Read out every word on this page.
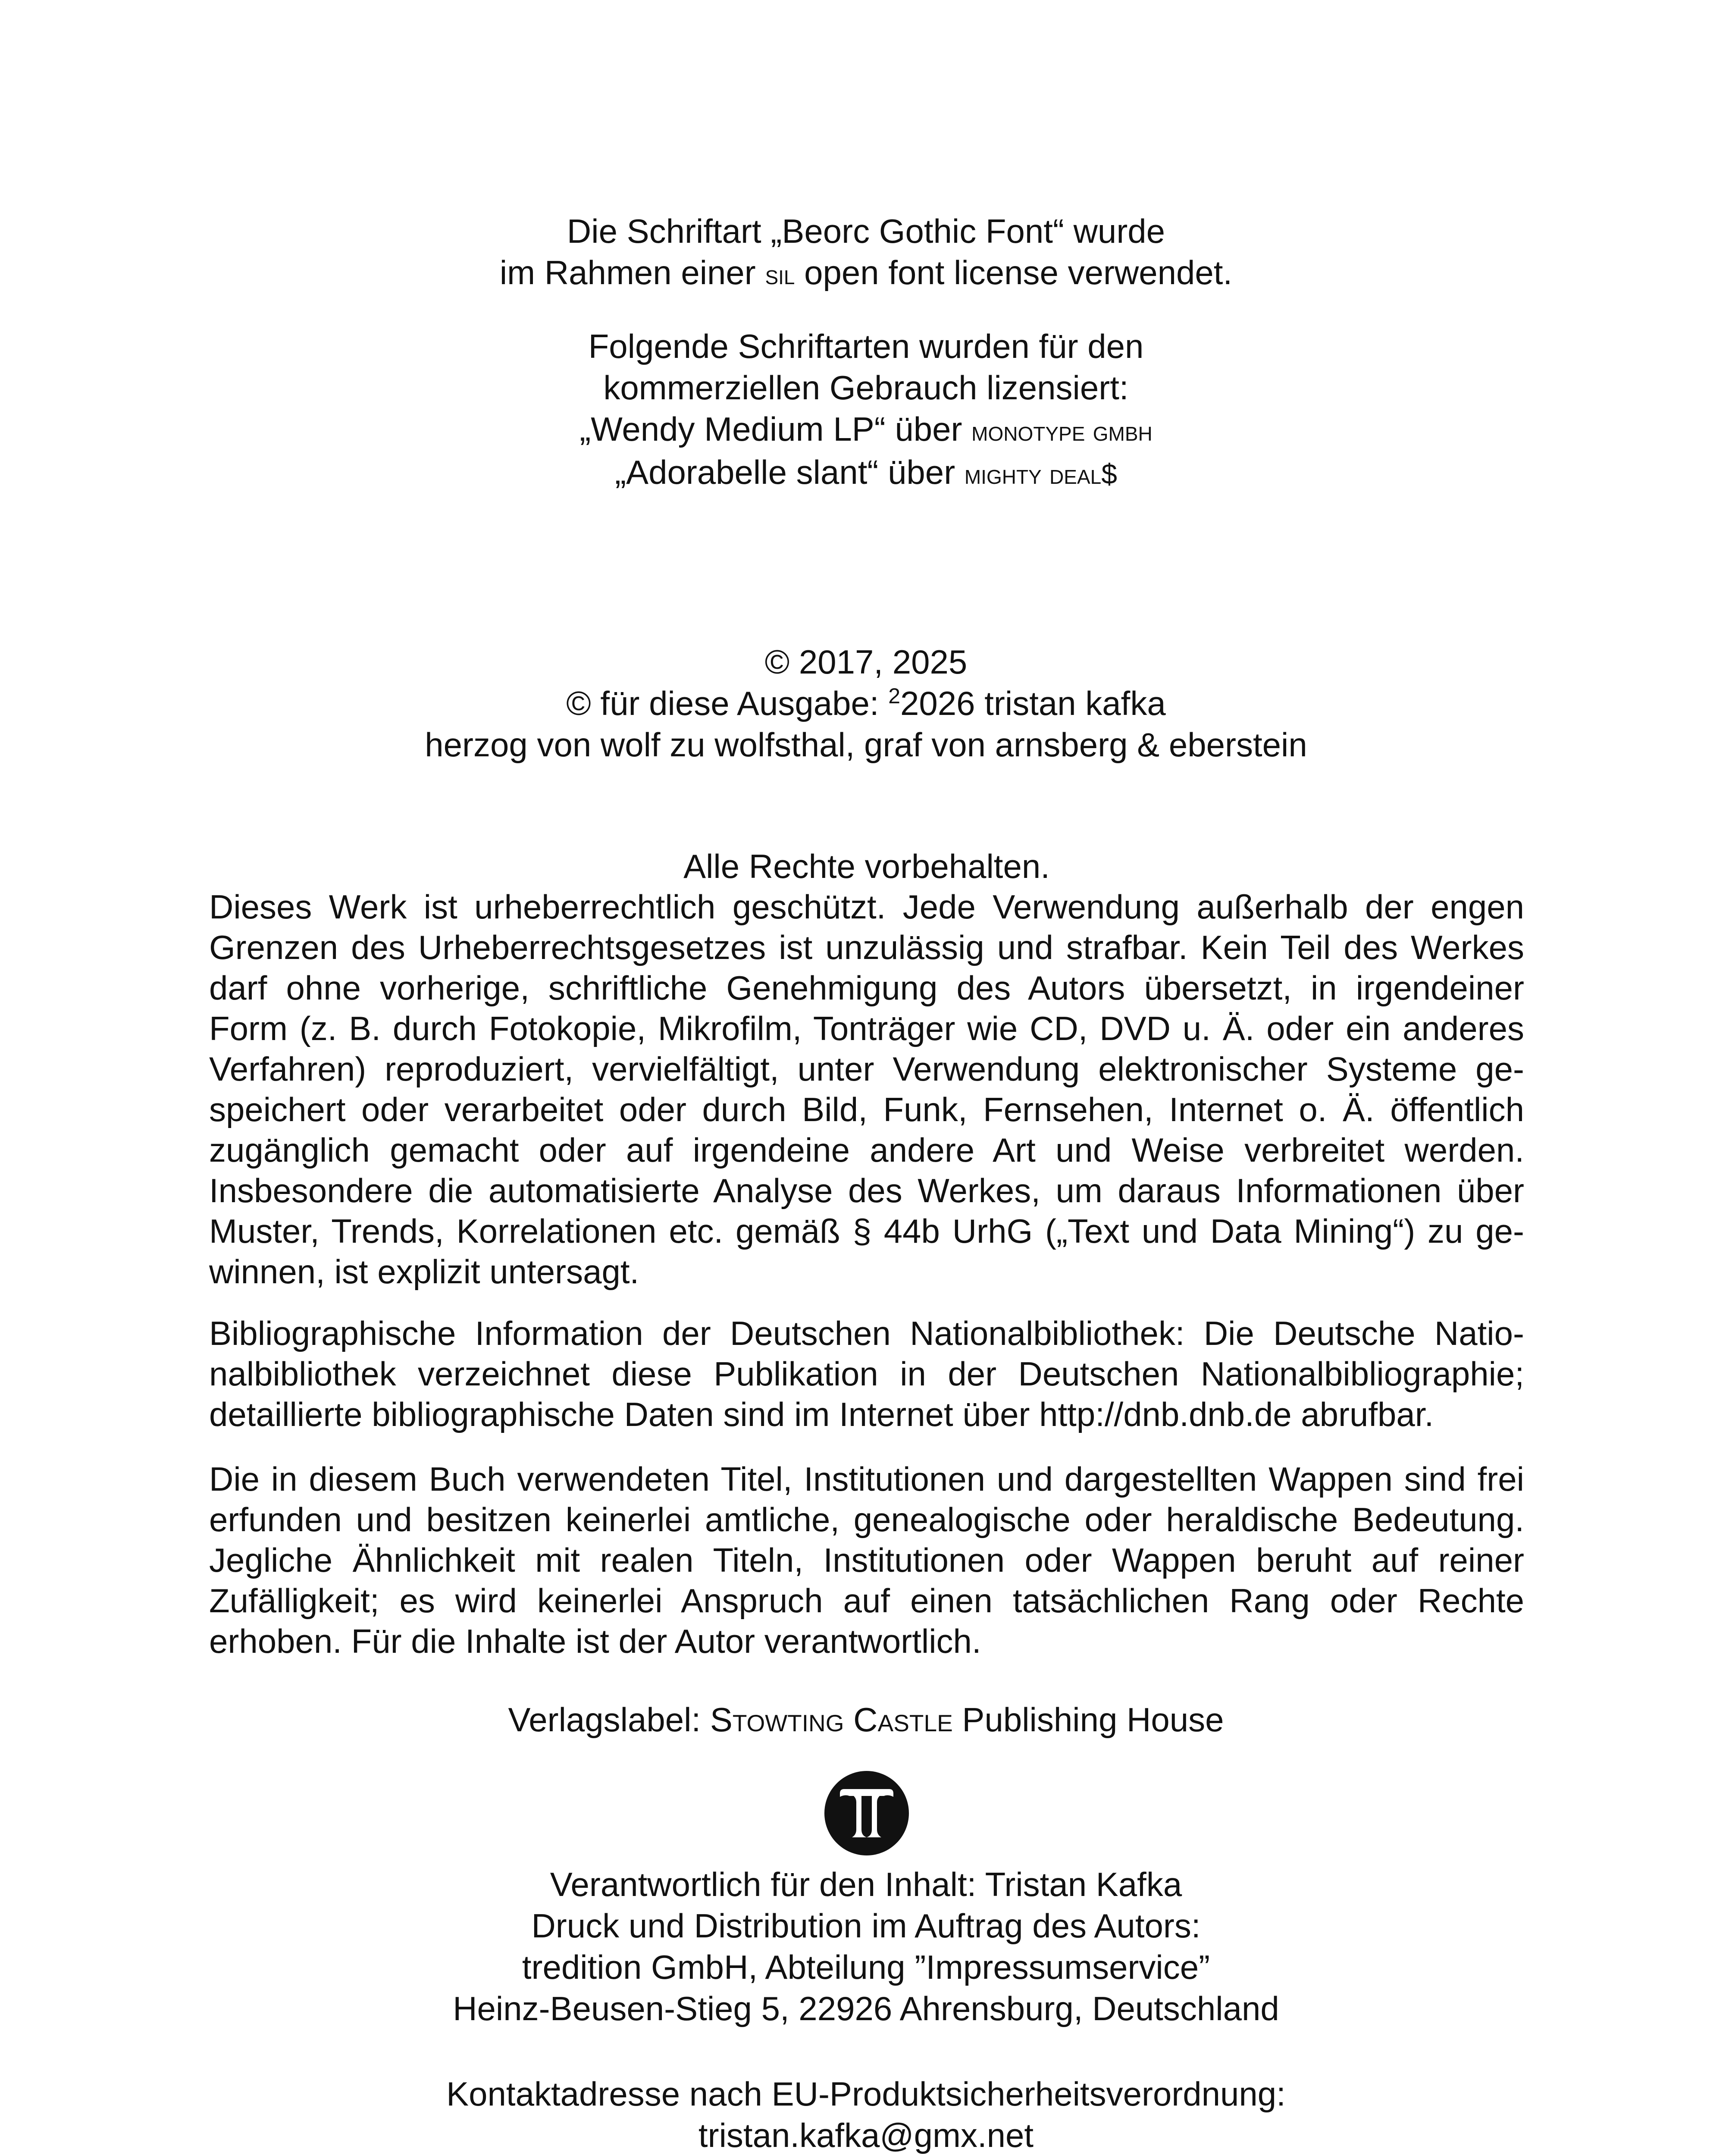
Die Schriftart „Beorc Gothic Font“ wurde
im Rahmen einer sil open font license verwendet.
Folgende Schriftarten wurden für den
kommerziellen Gebrauch lizensiert:
„Wendy Medium LP“ über monotype gmbh
„Adorabelle slant“ über mighty deal$
© 2017, 2025
© für diese Ausgabe: $^2$2026 tristan kafka
herzog von wolf zu wolfsthal, graf von arnsberg & eberstein
Alle Rechte vorbehalten.
Dieses Werk ist urheberrechtlich geschützt. Jede Verwendung außerhalb der engen Grenzen des Urheberrechtsgesetzes ist unzulässig und strafbar. Kein Teil des Werkes darf ohne vorherige, schriftliche Genehmigung des Autors übersetzt, in irgendeiner Form (z. B. durch Fotokopie, Mikrofilm, Tonträger wie CD, DVD u. Ä. oder ein anderes Verfahren) reproduziert, vervielfältigt, unter Verwendung elektronischer Systeme gespeichert oder verarbeitet oder durch Bild, Funk, Fernsehen, Internet o. Ä. öffentlich zugänglich gemacht oder auf irgendeine andere Art und Weise verbreitet werden. Insbesondere die automatisierte Analyse des Werkes, um daraus Informationen über Muster, Trends, Korrelationen etc. gemäß § 44b UrhG („Text und Data Mining“) zu gewinnen, ist explizit untersagt.
Bibliographische Information der Deutschen Nationalbibliothek: Die Deutsche Nationalbibliothek verzeichnet diese Publikation in der Deutschen Nationalbibliographie; detaillierte bibliographische Daten sind im Internet über http://dnb.dnb.de abrufbar.
Die in diesem Buch verwendeten Titel, Institutionen und dargestellten Wappen sind frei erfunden und besitzen keinerlei amtliche, genealogische oder heraldische Bedeutung. Jegliche Ähnlichkeit mit realen Titeln, Institutionen oder Wappen beruht auf reiner Zufälligkeit; es wird keinerlei Anspruch auf einen tatsächlichen Rang oder Rechte erhoben. Für die Inhalte ist der Autor verantwortlich.
Verlagslabel: Stowting Castle Publishing House
Verantwortlich für den Inhalt: Tristan Kafka
Druck und Distribution im Auftrag des Autors:
tredition GmbH, Abteilung ”Impressumservice”
Heinz-Beusen-Stieg 5, 22926 Ahrensburg, Deutschland
Kontaktadresse nach EU-Produktsicherheitsverordnung:
tristan.kafka@gmx.net
